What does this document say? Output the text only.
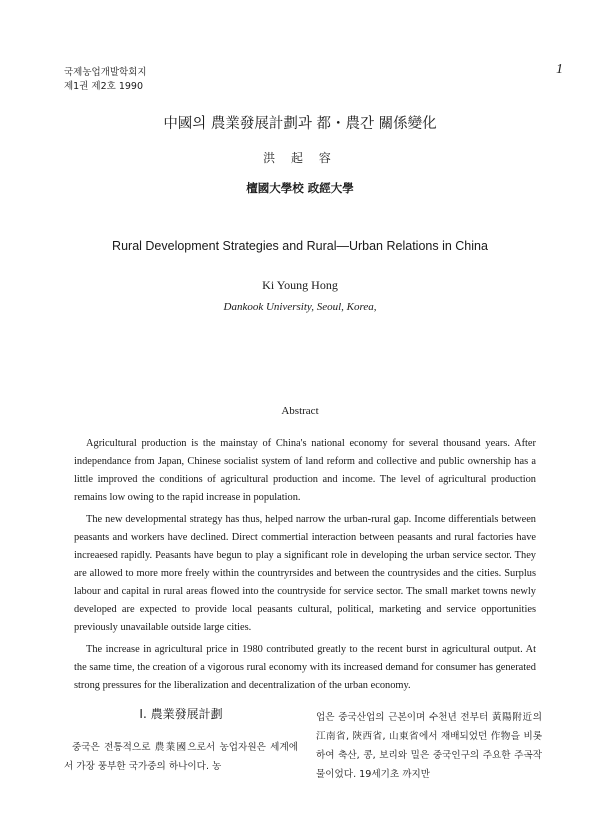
국제농업개발학회지
제1권 제2호 1990
1
中國의 農業發展計劃과 都・農간 關係變化
洪 起 容
檀國大學校 政經大學
Rural Development Strategies and Rural—Urban Relations in China
Ki Young Hong
Dankook University, Seoul, Korea,
Abstract

Agricultural production is the mainstay of China's national economy for several thousand years. After independance from Japan, Chinese socialist system of land reform and collective and public ownership has a little improved the conditions of agricultural production and income. The level of agricultural production remains low owing to the rapid increase in population.

The new developmental strategy has thus, helped narrow the urban-rural gap. Income differentials between peasants and workers have declined. Direct commertial interaction between peasants and rural factories have increaesed rapidly. Peasants have begun to play a significant role in developing the urban service sector. They are allowed to more more freely within the countryrsides and between the countrysides and the cities. Surplus labour and capital in rural areas flowed into the countryside for service sector. The small market towns newly developed are expected to provide local peasants cultural, political, marketing and service opportunities previously unavailable outside large cities.

The increase in agricultural price in 1980 contributed greatly to the recent burst in agricultural output. At the same time, the creation of a vigorous rural economy with its increased demand for consumer has generated strong pressures for the liberalization and decentralization of the urban economy.

Ⅰ. 農業發展計劃

중국은 전통적으로 農業國으로서 농업자원은 세계에서 가장 풍부한 국가중의 하나이다. 농

업은 중국산업의 근본이며 수천년 전부터 黃陽附近의 江南省, 陝西省, 山東省에서 재배되었던 作物을 비롯하여 축산, 콩, 보리와 밀은 중국인구의 주요한 주곡작물이었다. 19세기초 까지만
